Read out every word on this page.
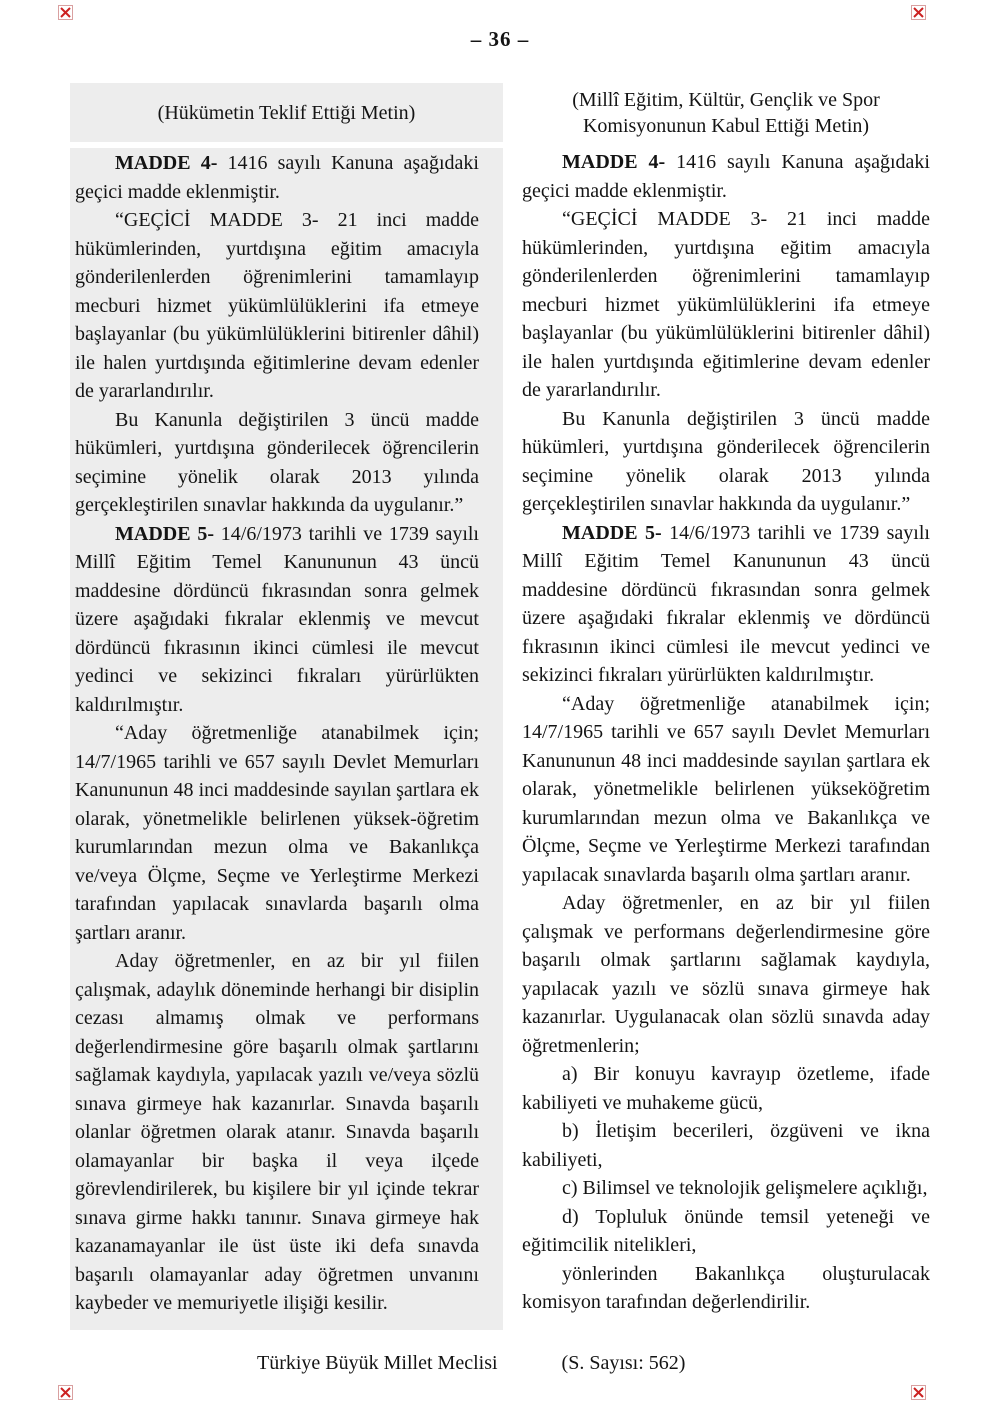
– 36 –
(Hükümetin Teklif Ettiği Metin)

MADDE 4- 1416 sayılı Kanuna aşağıdaki geçici madde eklenmiştir.

“GEÇİCİ MADDE 3- 21 inci madde hükümlerinden, yurtdışına eğitim amacıyla gönderilenlerden öğrenimlerini tamamlayıp mecburi hizmet yükümlülüklerini ifa etmeye başlayanlar (bu yükümlülüklerini bitirenler dâhil) ile halen yurtdışında eğitimlerine devam edenler de yararlandırılır.

Bu Kanunla değiştirilen 3 üncü madde hükümleri, yurtdışına gönderilecek öğrencilerin seçimine yönelik olarak 2013 yılında gerçekleştirilen sınavlar hakkında da uygulanır.”

MADDE 5- 14/6/1973 tarihli ve 1739 sayılı Millî Eğitim Temel Kanununun 43 üncü maddesine dördüncü fıkrasından sonra gelmek üzere aşağıdaki fıkralar eklenmiş ve mevcut dördüncü fıkrasının ikinci cümlesi ile mevcut yedinci ve sekizinci fıkraları yürürlükten kaldırılmıştır.

“Aday öğretmenliğe atanabilmek için; 14/7/1965 tarihli ve 657 sayılı Devlet Memurları Kanununun 48 inci maddesinde sayılan şartlara ek olarak, yönetmelikle belirlenen yüksek-öğretim kurumlarından mezun olma ve Bakanlıkça ve/veya Ölçme, Seçme ve Yerleştirme Merkezi tarafından yapılacak sınavlarda başarılı olma şartları aranır.

Aday öğretmenler, en az bir yıl fiilen çalışmak, adaylık döneminde herhangi bir disiplin cezası almamış olmak ve performans değerlendirmesine göre başarılı olmak şartlarını sağlamak kaydıyla, yapılacak yazılı ve/veya sözlü sınava girmeye hak kazanırlar. Sınavda başarılı olanlar öğretmen olarak atanır. Sınavda başarılı olamayanlar bir başka il veya ilçede görevlendirilerek, bu kişilere bir yıl içinde tekrar sınava girme hakkı tanınır. Sınava girmeye hak kazanamayanlar ile üst üste iki defa sınavda başarılı olamayanlar aday öğretmen unvanını kaybeder ve memuriyetle ilişiği kesilir.

(Millî Eğitim, Kültür, Gençlik ve Spor Komisyonunun Kabul Ettiği Metin)

MADDE 4- 1416 sayılı Kanuna aşağıdaki geçici madde eklenmiştir.

“GEÇİCİ MADDE 3- 21 inci madde hükümlerinden, yurtdışına eğitim amacıyla gönderilenlerden öğrenimlerini tamamlayıp mecburi hizmet yükümlülüklerini ifa etmeye başlayanlar (bu yükümlülüklerini bitirenler dâhil) ile halen yurtdışında eğitimlerine devam edenler de yararlandırılır.

Bu Kanunla değiştirilen 3 üncü madde hükümleri, yurtdışına gönderilecek öğrencilerin seçimine yönelik olarak 2013 yılında gerçekleştirilen sınavlar hakkında da uygulanır.”

MADDE 5- 14/6/1973 tarihli ve 1739 sayılı Millî Eğitim Temel Kanununun 43 üncü maddesine dördüncü fıkrasından sonra gelmek üzere aşağıdaki fıkralar eklenmiş ve dördüncü fıkrasının ikinci cümlesi ile mevcut yedinci ve sekizinci fıkraları yürürlükten kaldırılmıştır.

“Aday öğretmenliğe atanabilmek için; 14/7/1965 tarihli ve 657 sayılı Devlet Memurları Kanununun 48 inci maddesinde sayılan şartlara ek olarak, yönetmelikle belirlenen yükseköğretim kurumlarından mezun olma ve Bakanlıkça ve Ölçme, Seçme ve Yerleştirme Merkezi tarafından yapılacak sınavlarda başarılı olma şartları aranır.

Aday öğretmenler, en az bir yıl fiilen çalışmak ve performans değerlendirmesine göre başarılı olmak şartlarını sağlamak kaydıyla, yapılacak yazılı ve sözlü sınava girmeye hak kazanırlar. Uygulanacak olan sözlü sınavda aday öğretmenlerin;

a) Bir konuyu kavrayıp özetleme, ifade kabiliyeti ve muhakeme gücü,

b) İletişim becerileri, özgüveni ve ikna kabiliyeti,

c) Bilimsel ve teknolojik gelişmelere açıklığı,

d) Topluluk önünde temsil yeteneği ve eğitimcilik nitelikleri,

yönlerinden Bakanlıkça oluşturulacak komisyon tarafından değerlendirilir.

Türkiye Büyük Millet Meclisi	(S. Sayısı: 562)
